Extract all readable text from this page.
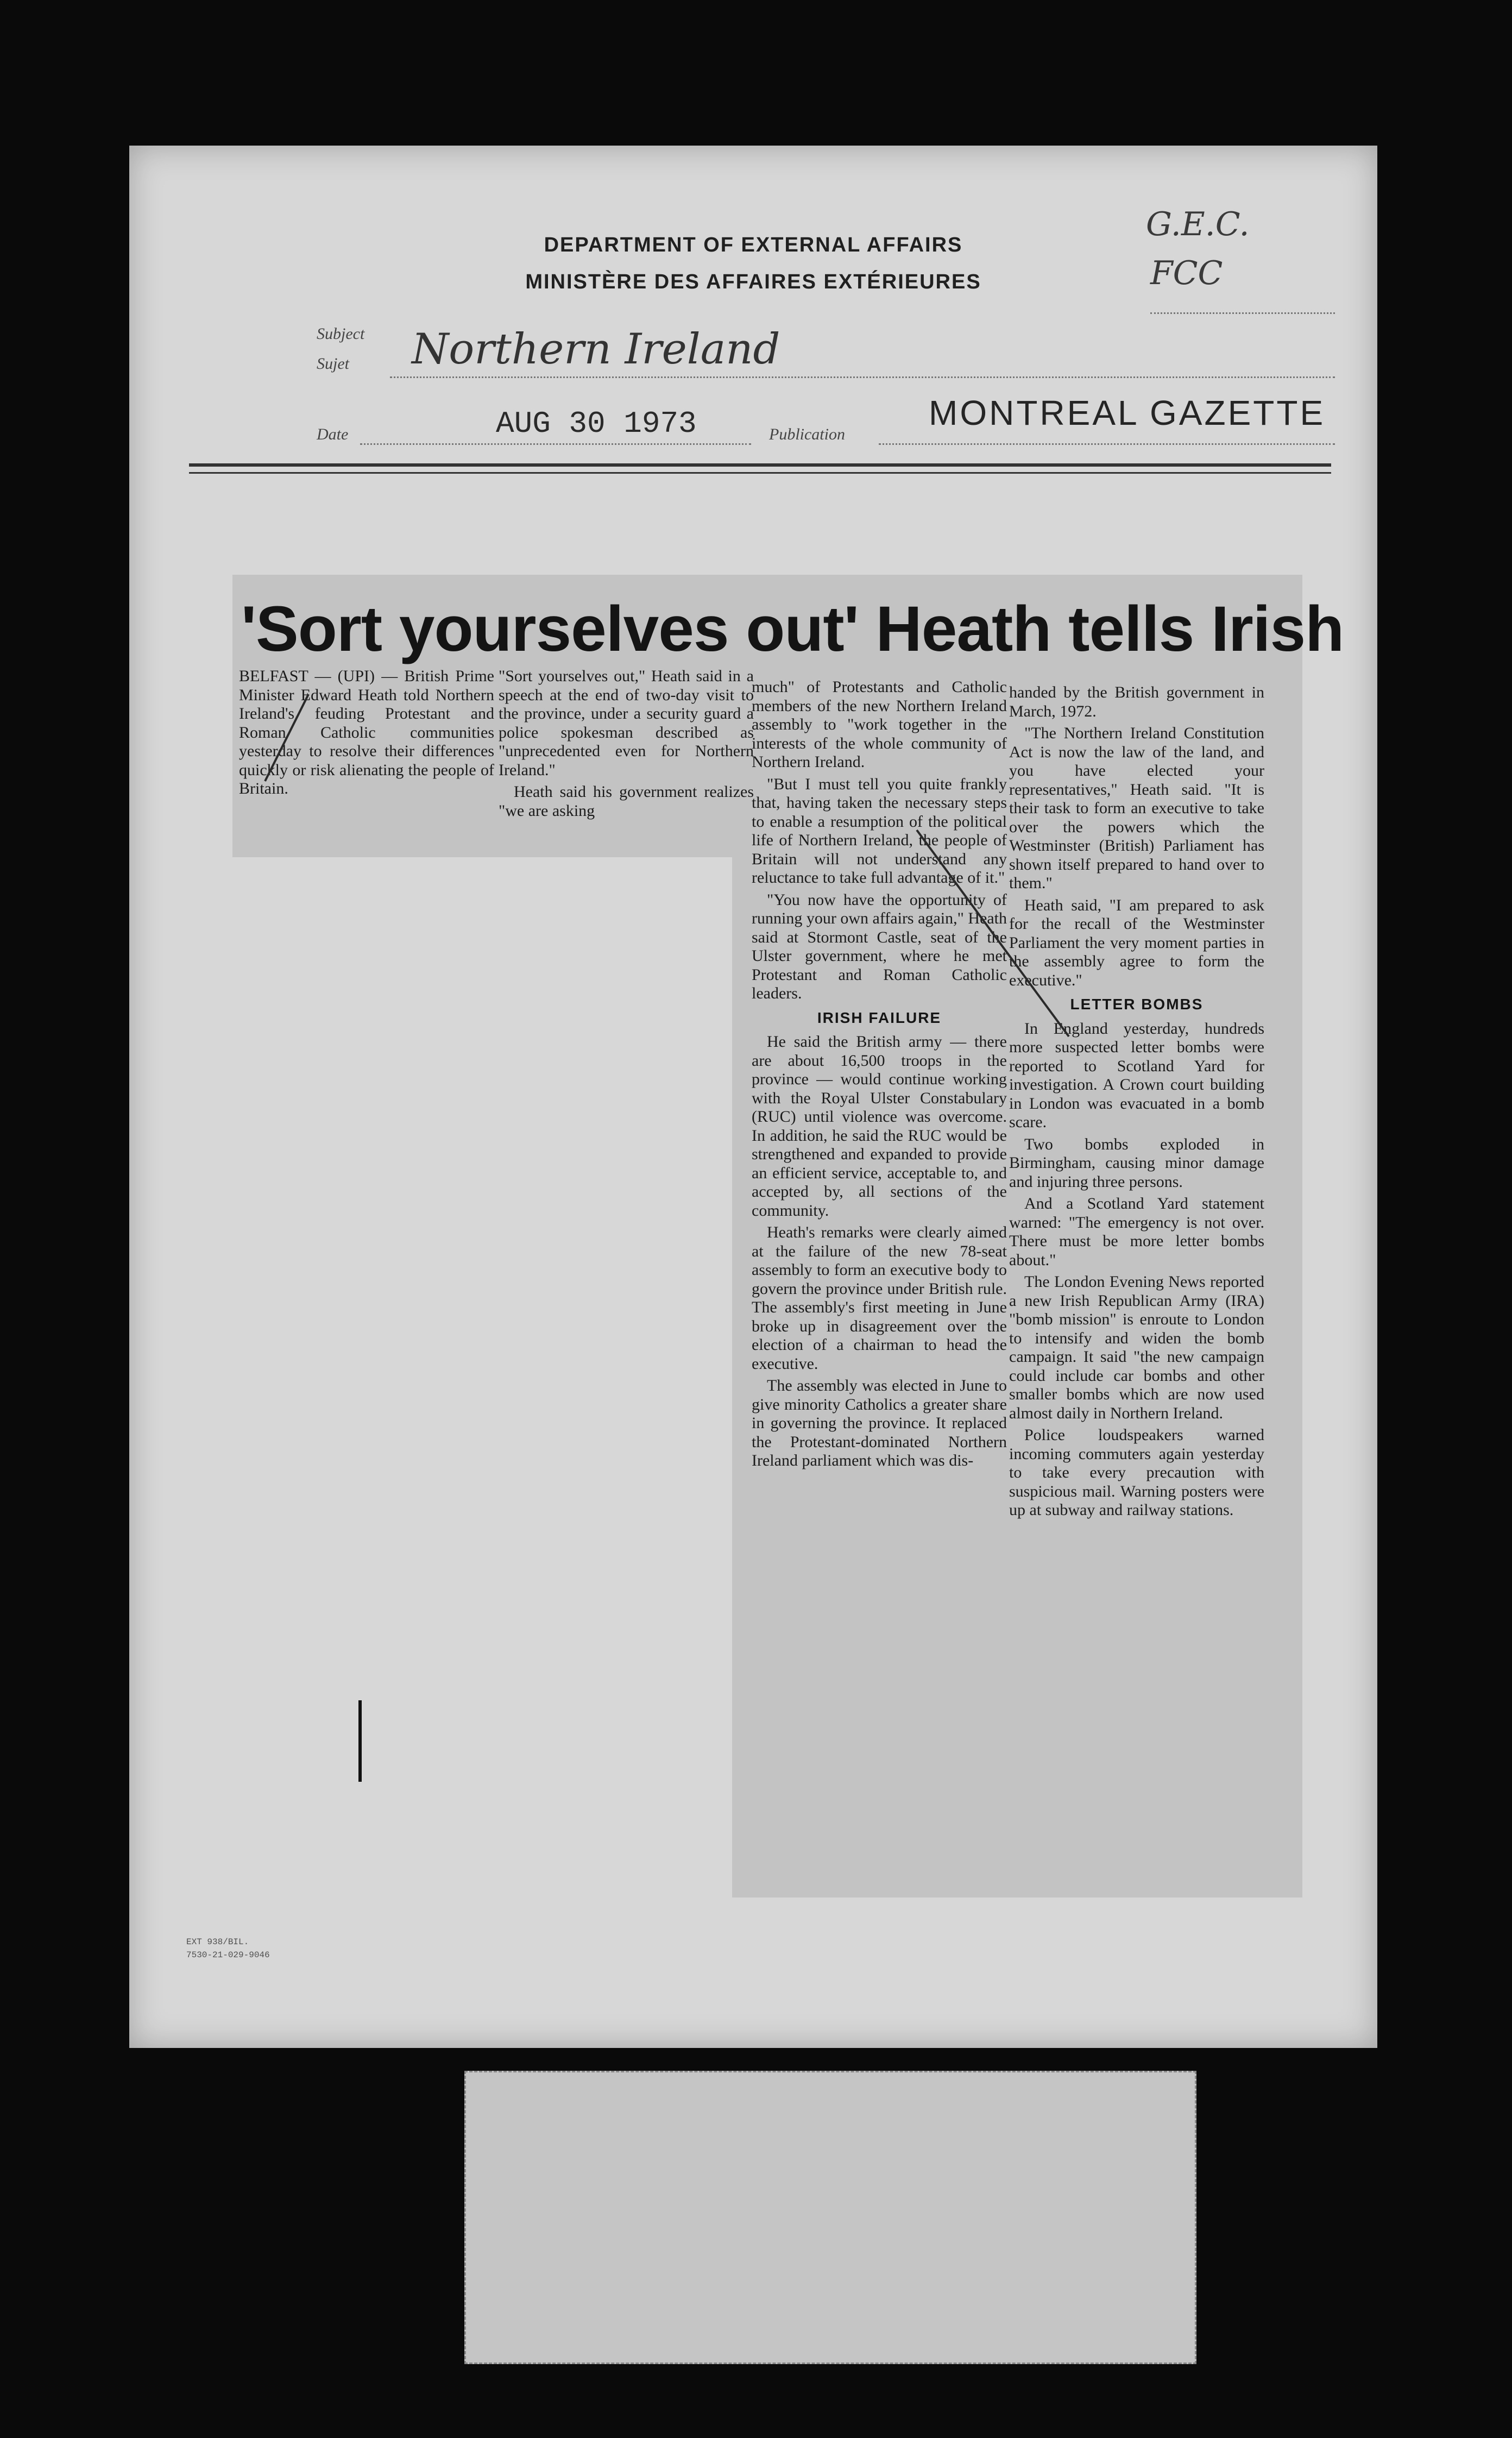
DEPARTMENT OF EXTERNAL AFFAIRS
MINISTÈRE DES AFFAIRES EXTÉRIEURES
G.E.C.
FCC
Subject
Sujet Northern Ireland
Date	AUG 30 1973	Publication
MONTREAL GAZETTE
'Sort yourselves out' Heath tells Irish

BELFAST — (UPI) — British Prime Minister Edward Heath told Northern Ireland's feuding Protestant and Roman Catholic communities yesterday to resolve their differences quickly or risk alienating the people of Britain.

"Sort yourselves out," Heath said in a speech at the end of two-day visit to the province, under a security guard a police spokesman described as "unprecedented even for Northern Ireland."

Heath said his government realizes "we are asking

much" of Protestants and Catholic members of the new Northern Ireland assembly to "work together in the interests of the whole community of Northern Ireland.

"But I must tell you quite frankly that, having taken the necessary steps to enable a resumption of the political life of Northern Ireland, the people of Britain will not understand any reluctance to take full advantage of it."

"You now have the opportunity of running your own affairs again," Heath said at Stormont Castle, seat of the Ulster government, where he met Protestant and Roman Catholic leaders.

IRISH FAILURE

He said the British army — there are about 16,500 troops in the province — would continue working with the Royal Ulster Constabulary (RUC) until violence was overcome. In addition, he said the RUC would be strengthened and expanded to provide an efficient service, acceptable to, and accepted by, all sections of the community.

Heath's remarks were clearly aimed at the failure of the new 78-seat assembly to form an executive body to govern the province under British rule. The assembly's first meeting in June broke up in disagreement over the election of a chairman to head the executive.

The assembly was elected in June to give minority Catholics a greater share in governing the province. It replaced the Protestant-dominated Northern Ireland parliament which was dis-

handed by the British government in March, 1972.

"The Northern Ireland Constitution Act is now the law of the land, and you have elected your representatives," Heath said. "It is their task to form an executive to take over the powers which the Westminster (British) Parliament has shown itself prepared to hand over to them."

Heath said, "I am prepared to ask for the recall of the Westminster Parliament the very moment parties in the assembly agree to form the executive."

LETTER BOMBS

In England yesterday, hundreds more suspected letter bombs were reported to Scotland Yard for investigation. A Crown court building in London was evacuated in a bomb scare.

Two bombs exploded in Birmingham, causing minor damage and injuring three persons.

And a Scotland Yard statement warned: "The emergency is not over. There must be more letter bombs about."

The London Evening News reported a new Irish Republican Army (IRA) "bomb mission" is enroute to London to intensify and widen the bomb campaign. It said "the new campaign could include car bombs and other smaller bombs which are now used almost daily in Northern Ireland.

Police loudspeakers warned incoming commuters again yesterday to take every precaution with suspicious mail. Warning posters were up at subway and railway stations.

EXT 938/BIL.
7530-21-029-9046
